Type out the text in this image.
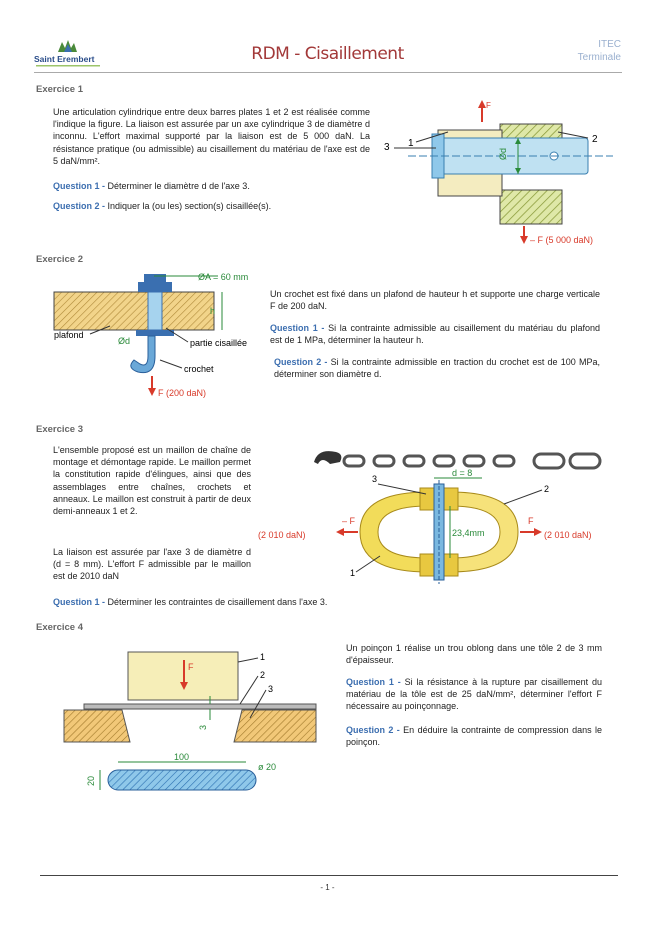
Saint Erembert	RDM - Cisaillement	ITEC
Terminale
Exercice 1
Une articulation cylindrique entre deux barres plates 1 et 2 est réalisée comme l'indique la figure. La liaison est assurée par un axe cylindrique 3 de diamètre d inconnu. L'effort maximal supporté par la liaison est de 5 000 daN. La résistance pratique (ou admissible) au cisaillement du matériau de l'axe est de 5 daN/mm².
Question 1 - Déterminer le diamètre d de l'axe 3.
Question 2 - Indiquer la (ou les) section(s) cisaillée(s).
Ød
F
– F (5 000 daN)
3 1	2
Exercice 2
ØA = 60 mm
h
plafond
Ød	partie cisaillée
crochet
F (200 daN)
Un crochet est fixé dans un plafond de hauteur h et supporte une charge verticale F de 200 daN.
Question 1 - Si la contrainte admissible au cisaillement du matériau du plafond est de 1 MPa, déterminer la hauteur h.
Question 2 - Si la contrainte admissible en traction du crochet est de 100 MPa, déterminer son diamètre d.
Exercice 3
L'ensemble proposé est un maillon de chaîne de montage et démontage rapide. Le maillon permet la constitution rapide d'élingues, ainsi que des assemblages entre chaînes, crochets et anneaux. Le maillon est construit à partir de deux demi-anneaux 1 et 2.
La liaison est assurée par l'axe 3 de diamètre d (d = 8 mm). L'effort F admissible par le maillon est de 2010 daN
Question 1 - Déterminer les contraintes de cisaillement dans l'axe 3.
d = 8
23,4mm
– F
(2 010 daN)
F
(2 010 daN)
3
2
1
Exercice 4
F
3
1
2
3
100
ø 20
20
Un poinçon 1 réalise un trou oblong dans une tôle 2 de 3 mm d'épaisseur.
Question 1 - Si la résistance à la rupture par cisaillement du matériau de la tôle est de 25 daN/mm², déterminer l'effort F nécessaire au poinçonnage.
Question 2 - En déduire la contrainte de compression dans le poinçon.
- 1 -
